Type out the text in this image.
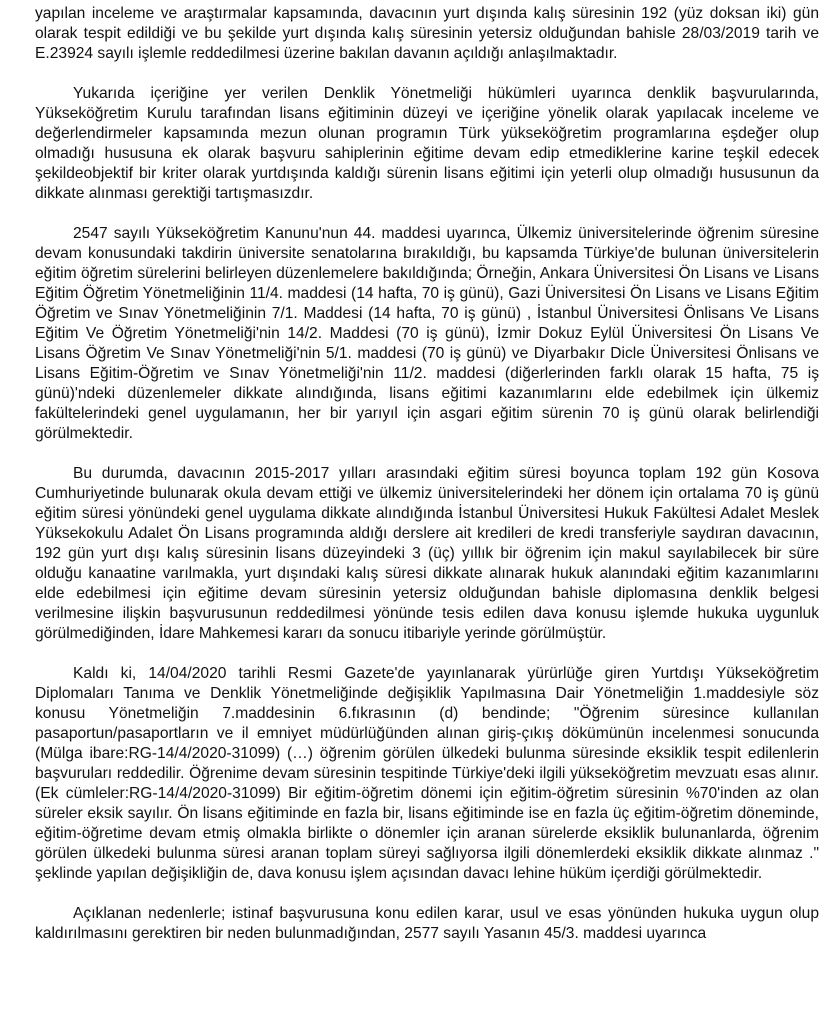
yapılan inceleme ve araştırmalar kapsamında, davacının yurt dışında kalış süresinin 192 (yüz doksan iki) gün olarak tespit edildiği ve bu şekilde yurt dışında kalış süresinin yetersiz olduğundan bahisle 28/03/2019 tarih ve E.23924 sayılı işlemle reddedilmesi üzerine bakılan davanın açıldığı anlaşılmaktadır.

Yukarıda içeriğine yer verilen Denklik Yönetmeliği hükümleri uyarınca denklik başvurularında, Yükseköğretim Kurulu tarafından lisans eğitiminin düzeyi ve içeriğine yönelik olarak yapılacak inceleme ve değerlendirmeler kapsamında mezun olunan programın Türk yükseköğretim programlarına eşdeğer olup olmadığı hususuna ek olarak başvuru sahiplerinin eğitime devam edip etmediklerine karine teşkil edecek şekildeobjektif bir kriter olarak yurtdışında kaldığı sürenin lisans eğitimi için yeterli olup olmadığı hususunun da dikkate alınması gerektiği tartışmasızdır.

2547 sayılı Yükseköğretim Kanunu'nun 44. maddesi uyarınca, Ülkemiz üniversitelerinde öğrenim süresine devam konusundaki takdirin üniversite senatolarına bırakıldığı, bu kapsamda Türkiye'de bulunan üniversitelerin eğitim öğretim sürelerini belirleyen düzenlemelere bakıldığında; Örneğin, Ankara Üniversitesi Ön Lisans ve Lisans Eğitim Öğretim Yönetmeliğinin 11/4. maddesi (14 hafta, 70 iş günü), Gazi Üniversitesi Ön Lisans ve Lisans Eğitim Öğretim ve Sınav Yönetmeliğinin 7/1. Maddesi (14 hafta, 70 iş günü) , İstanbul Üniversitesi Önlisans Ve Lisans Eğitim Ve Öğretim Yönetmeliği'nin 14/2. Maddesi (70 iş günü), İzmir Dokuz Eylül Üniversitesi Ön Lisans Ve Lisans Öğretim Ve Sınav Yönetmeliği'nin 5/1. maddesi (70 iş günü) ve Diyarbakır Dicle Üniversitesi Önlisans ve Lisans Eğitim-Öğretim ve Sınav Yönetmeliği'nin 11/2. maddesi (diğerlerinden farklı olarak 15 hafta, 75 iş günü)'ndeki düzenlemeler dikkate alındığında, lisans eğitimi kazanımlarını elde edebilmek için ülkemiz fakültelerindeki genel uygulamanın, her bir yarıyıl için asgari eğitim sürenin 70 iş günü olarak belirlendiği görülmektedir.

Bu durumda, davacının 2015-2017 yılları arasındaki eğitim süresi boyunca toplam 192 gün Kosova Cumhuriyetinde bulunarak okula devam ettiği ve ülkemiz üniversitelerindeki her dönem için ortalama 70 iş günü eğitim süresi yönündeki genel uygulama dikkate alındığında İstanbul Üniversitesi Hukuk Fakültesi Adalet Meslek Yüksekokulu Adalet Ön Lisans programında aldığı derslere ait kredileri de kredi transferiyle saydıran davacının, 192 gün yurt dışı kalış süresinin lisans düzeyindeki 3 (üç) yıllık bir öğrenim için makul sayılabilecek bir süre olduğu kanaatine varılmakla, yurt dışındaki kalış süresi dikkate alınarak hukuk alanındaki eğitim kazanımlarını elde edebilmesi için eğitime devam süresinin yetersiz olduğundan bahisle diplomasına denklik belgesi verilmesine ilişkin başvurusunun reddedilmesi yönünde tesis edilen dava konusu işlemde hukuka uygunluk görülmediğinden, İdare Mahkemesi kararı da sonucu itibariyle yerinde görülmüştür.

Kaldı ki, 14/04/2020 tarihli Resmi Gazete'de yayınlanarak yürürlüğe giren Yurtdışı Yükseköğretim Diplomaları Tanıma ve Denklik Yönetmeliğinde değişiklik Yapılmasına Dair Yönetmeliğin 1.maddesiyle söz konusu Yönetmeliğin 7.maddesinin 6.fıkrasının (d) bendinde; "Öğrenim süresince kullanılan pasaportun/pasaportların ve il emniyet müdürlüğünden alınan giriş-çıkış dökümünün incelenmesi sonucunda (Mülga ibare:RG-14/4/2020-31099) (…) öğrenim görülen ülkedeki bulunma süresinde eksiklik tespit edilenlerin başvuruları reddedilir. Öğrenime devam süresinin tespitinde Türkiye'deki ilgili yükseköğretim mevzuatı esas alınır. (Ek cümleler:RG-14/4/2020-31099) Bir eğitim-öğretim dönemi için eğitim-öğretim süresinin %70'inden az olan süreler eksik sayılır. Ön lisans eğitiminde en fazla bir, lisans eğitiminde ise en fazla üç eğitim-öğretim döneminde, eğitim-öğretime devam etmiş olmakla birlikte o dönemler için aranan sürelerde eksiklik bulunanlarda, öğrenim görülen ülkedeki bulunma süresi aranan toplam süreyi sağlıyorsa ilgili dönemlerdeki eksiklik dikkate alınmaz ." şeklinde yapılan değişikliğin de, dava konusu işlem açısından davacı lehine hüküm içerdiği görülmektedir.

Açıklanan nedenlerle; istinaf başvurusuna konu edilen karar, usul ve esas yönünden hukuka uygun olup kaldırılmasını gerektiren bir neden bulunmadığından, 2577 sayılı Yasanın 45/3. maddesi uyarınca
